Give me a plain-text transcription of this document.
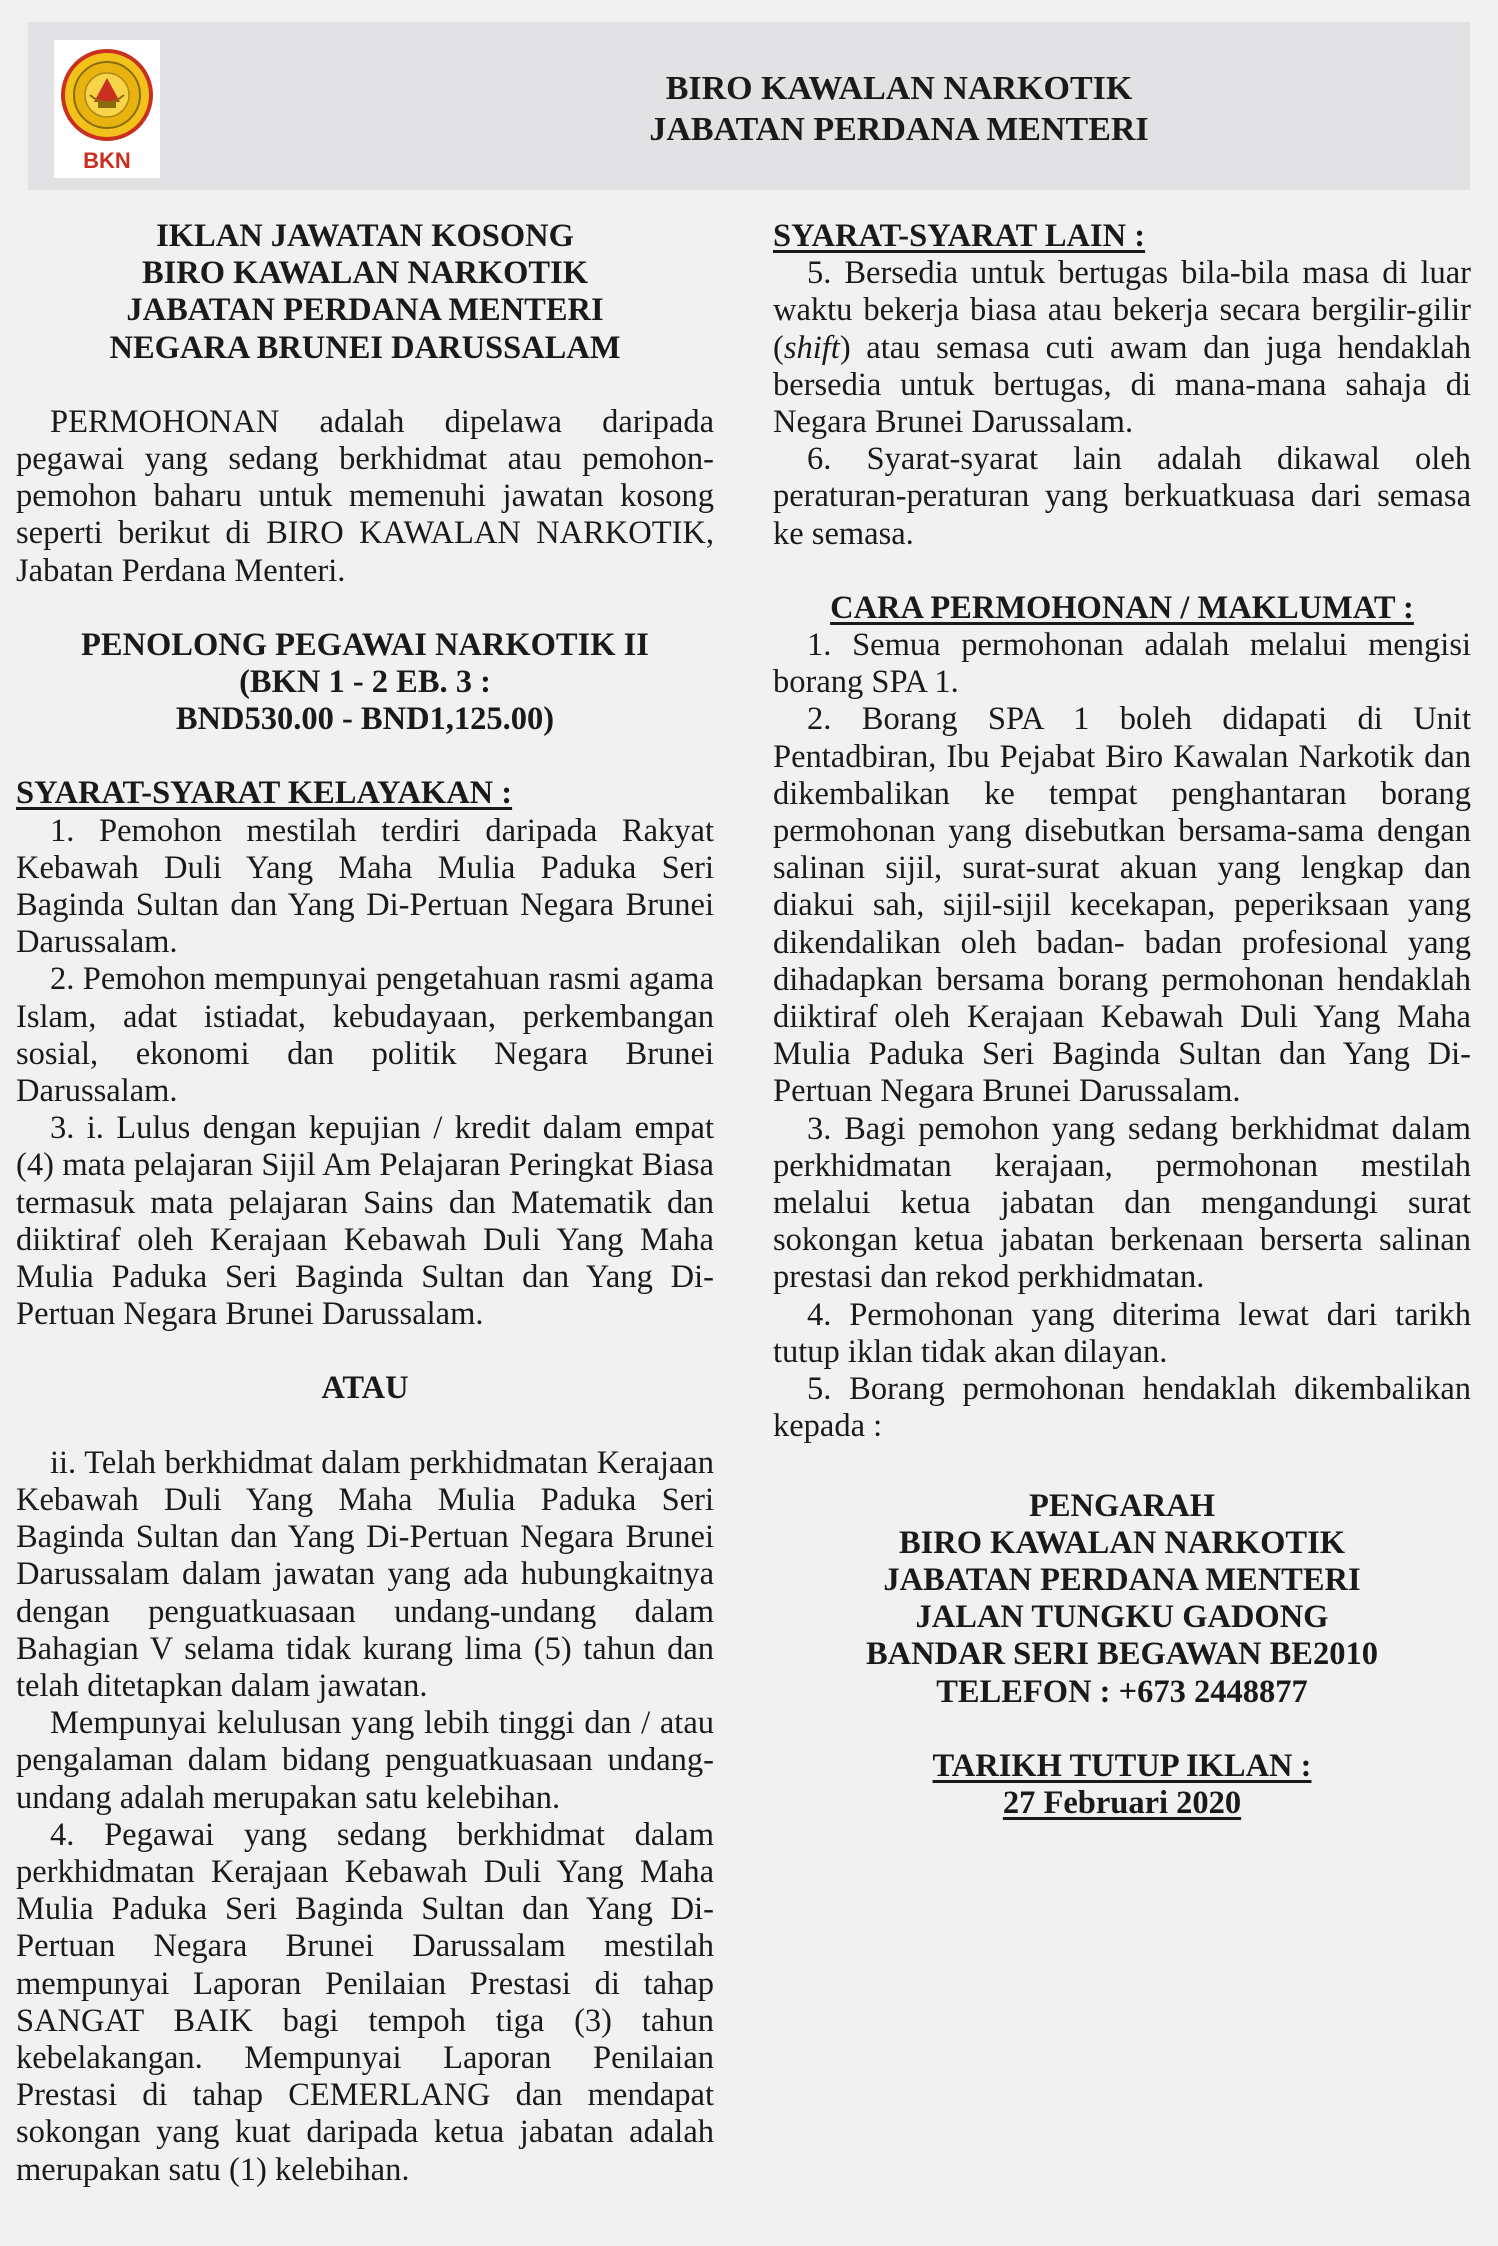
BKN
BIRO KAWALAN NARKOTIK
JABATAN PERDANA MENTERI
IKLAN JAWATAN KOSONG
BIRO KAWALAN NARKOTIK
JABATAN PERDANA MENTERI
NEGARA BRUNEI DARUSSALAM

PERMOHONAN adalah dipelawa daripada pegawai yang sedang berkhidmat atau pemohon-pemohon baharu untuk memenuhi jawatan kosong seperti berikut di BIRO KAWALAN NARKOTIK, Jabatan Perdana Menteri.

PENOLONG PEGAWAI NARKOTIK II
(BKN 1 - 2 EB. 3 :
BND530.00 - BND1,125.00)

SYARAT-SYARAT KELAYAKAN :

1. Pemohon mestilah terdiri daripada Rakyat Kebawah Duli Yang Maha Mulia Paduka Seri Baginda Sultan dan Yang Di-Pertuan Negara Brunei Darussalam.

2. Pemohon mempunyai pengetahuan rasmi agama Islam, adat istiadat, kebudayaan, perkembangan sosial, ekonomi dan politik Negara Brunei Darussalam.

3. i. Lulus dengan kepujian / kredit dalam empat (4) mata pelajaran Sijil Am Pelajaran Peringkat Biasa termasuk mata pelajaran Sains dan Matematik dan diiktiraf oleh Kerajaan Kebawah Duli Yang Maha Mulia Paduka Seri Baginda Sultan dan Yang Di-Pertuan Negara Brunei Darussalam.

ATAU

ii. Telah berkhidmat dalam perkhidmatan Kerajaan Kebawah Duli Yang Maha Mulia Paduka Seri Baginda Sultan dan Yang Di-Pertuan Negara Brunei Darussalam dalam jawatan yang ada hubungkaitnya dengan penguatkuasaan undang-undang dalam Bahagian V selama tidak kurang lima (5) tahun dan telah ditetapkan dalam jawatan.

Mempunyai kelulusan yang lebih tinggi dan / atau pengalaman dalam bidang penguatkuasaan undang-undang adalah merupakan satu kelebihan.

4. Pegawai yang sedang berkhidmat dalam perkhidmatan Kerajaan Kebawah Duli Yang Maha Mulia Paduka Seri Baginda Sultan dan Yang Di-Pertuan Negara Brunei Darussalam mestilah mempunyai Laporan Penilaian Prestasi di tahap SANGAT BAIK bagi tempoh tiga (3) tahun kebelakangan. Mempunyai Laporan Penilaian Prestasi di tahap CEMERLANG dan mendapat sokongan yang kuat daripada ketua jabatan adalah merupakan satu (1) kelebihan.

SYARAT-SYARAT LAIN :

5. Bersedia untuk bertugas bila-bila masa di luar waktu bekerja biasa atau bekerja secara bergilir-gilir (shift) atau semasa cuti awam dan juga hendaklah bersedia untuk bertugas, di mana-mana sahaja di Negara Brunei Darussalam.

6. Syarat-syarat lain adalah dikawal oleh peraturan-peraturan yang berkuatkuasa dari semasa ke semasa.

CARA PERMOHONAN / MAKLUMAT :

1. Semua permohonan adalah melalui mengisi borang SPA 1.

2. Borang SPA 1 boleh didapati di Unit Pentadbiran, Ibu Pejabat Biro Kawalan Narkotik dan dikembalikan ke tempat penghantaran borang permohonan yang disebutkan bersama-sama dengan salinan sijil, surat-surat akuan yang lengkap dan diakui sah, sijil-sijil kecekapan, peperiksaan yang dikendalikan oleh badan- badan profesional yang dihadapkan bersama borang permohonan hendaklah diiktiraf oleh Kerajaan Kebawah Duli Yang Maha Mulia Paduka Seri Baginda Sultan dan Yang Di-Pertuan Negara Brunei Darussalam.

3. Bagi pemohon yang sedang berkhidmat dalam perkhidmatan kerajaan, permohonan mestilah melalui ketua jabatan dan mengandungi surat sokongan ketua jabatan berkenaan berserta salinan prestasi dan rekod perkhidmatan.

4. Permohonan yang diterima lewat dari tarikh tutup iklan tidak akan dilayan.

5. Borang permohonan hendaklah dikembalikan kepada :

PENGARAH
BIRO KAWALAN NARKOTIK
JABATAN PERDANA MENTERI
JALAN TUNGKU GADONG
BANDAR SERI BEGAWAN BE2010
TELEFON : +673 2448877
TARIKH TUTUP IKLAN :
27 Februari 2020
